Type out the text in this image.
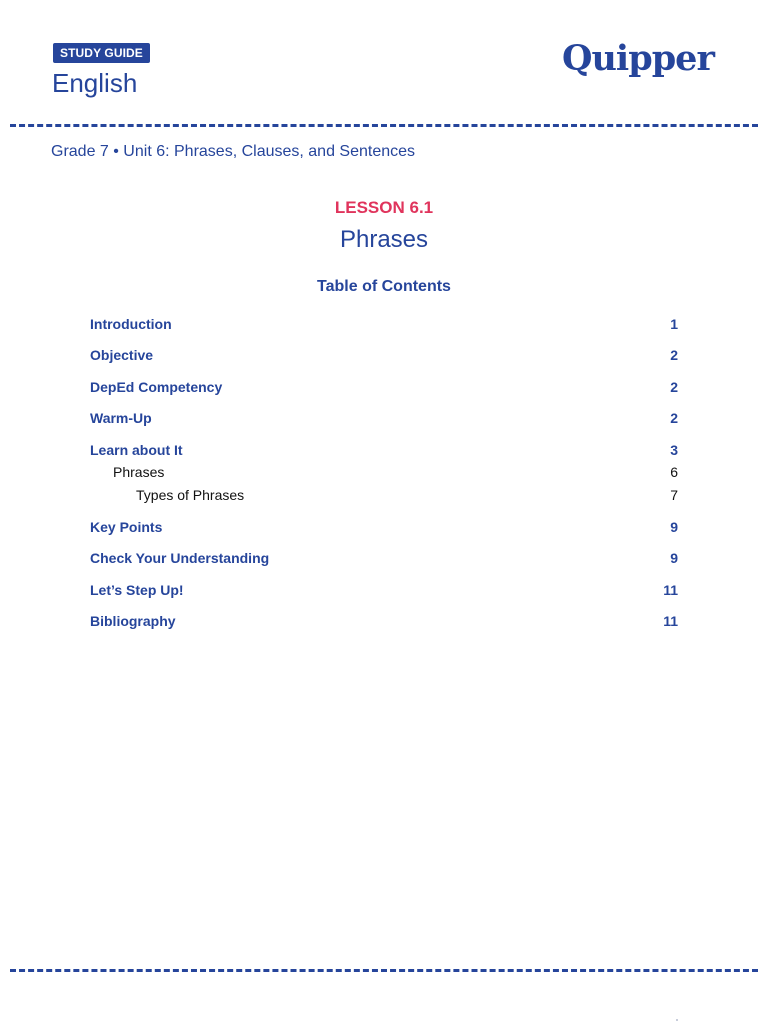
STUDY GUIDE
English
Quipper
Grade 7 • Unit 6: Phrases, Clauses, and Sentences
LESSON 6.1
Phrases
Table of Contents
Introduction	1
Objective	2
DepEd Competency	2
Warm-Up	2
Learn about It	3
Phrases	6
Types of Phrases	7
Key Points	9
Check Your Understanding	9
Let’s Step Up!	11
Bibliography	11
